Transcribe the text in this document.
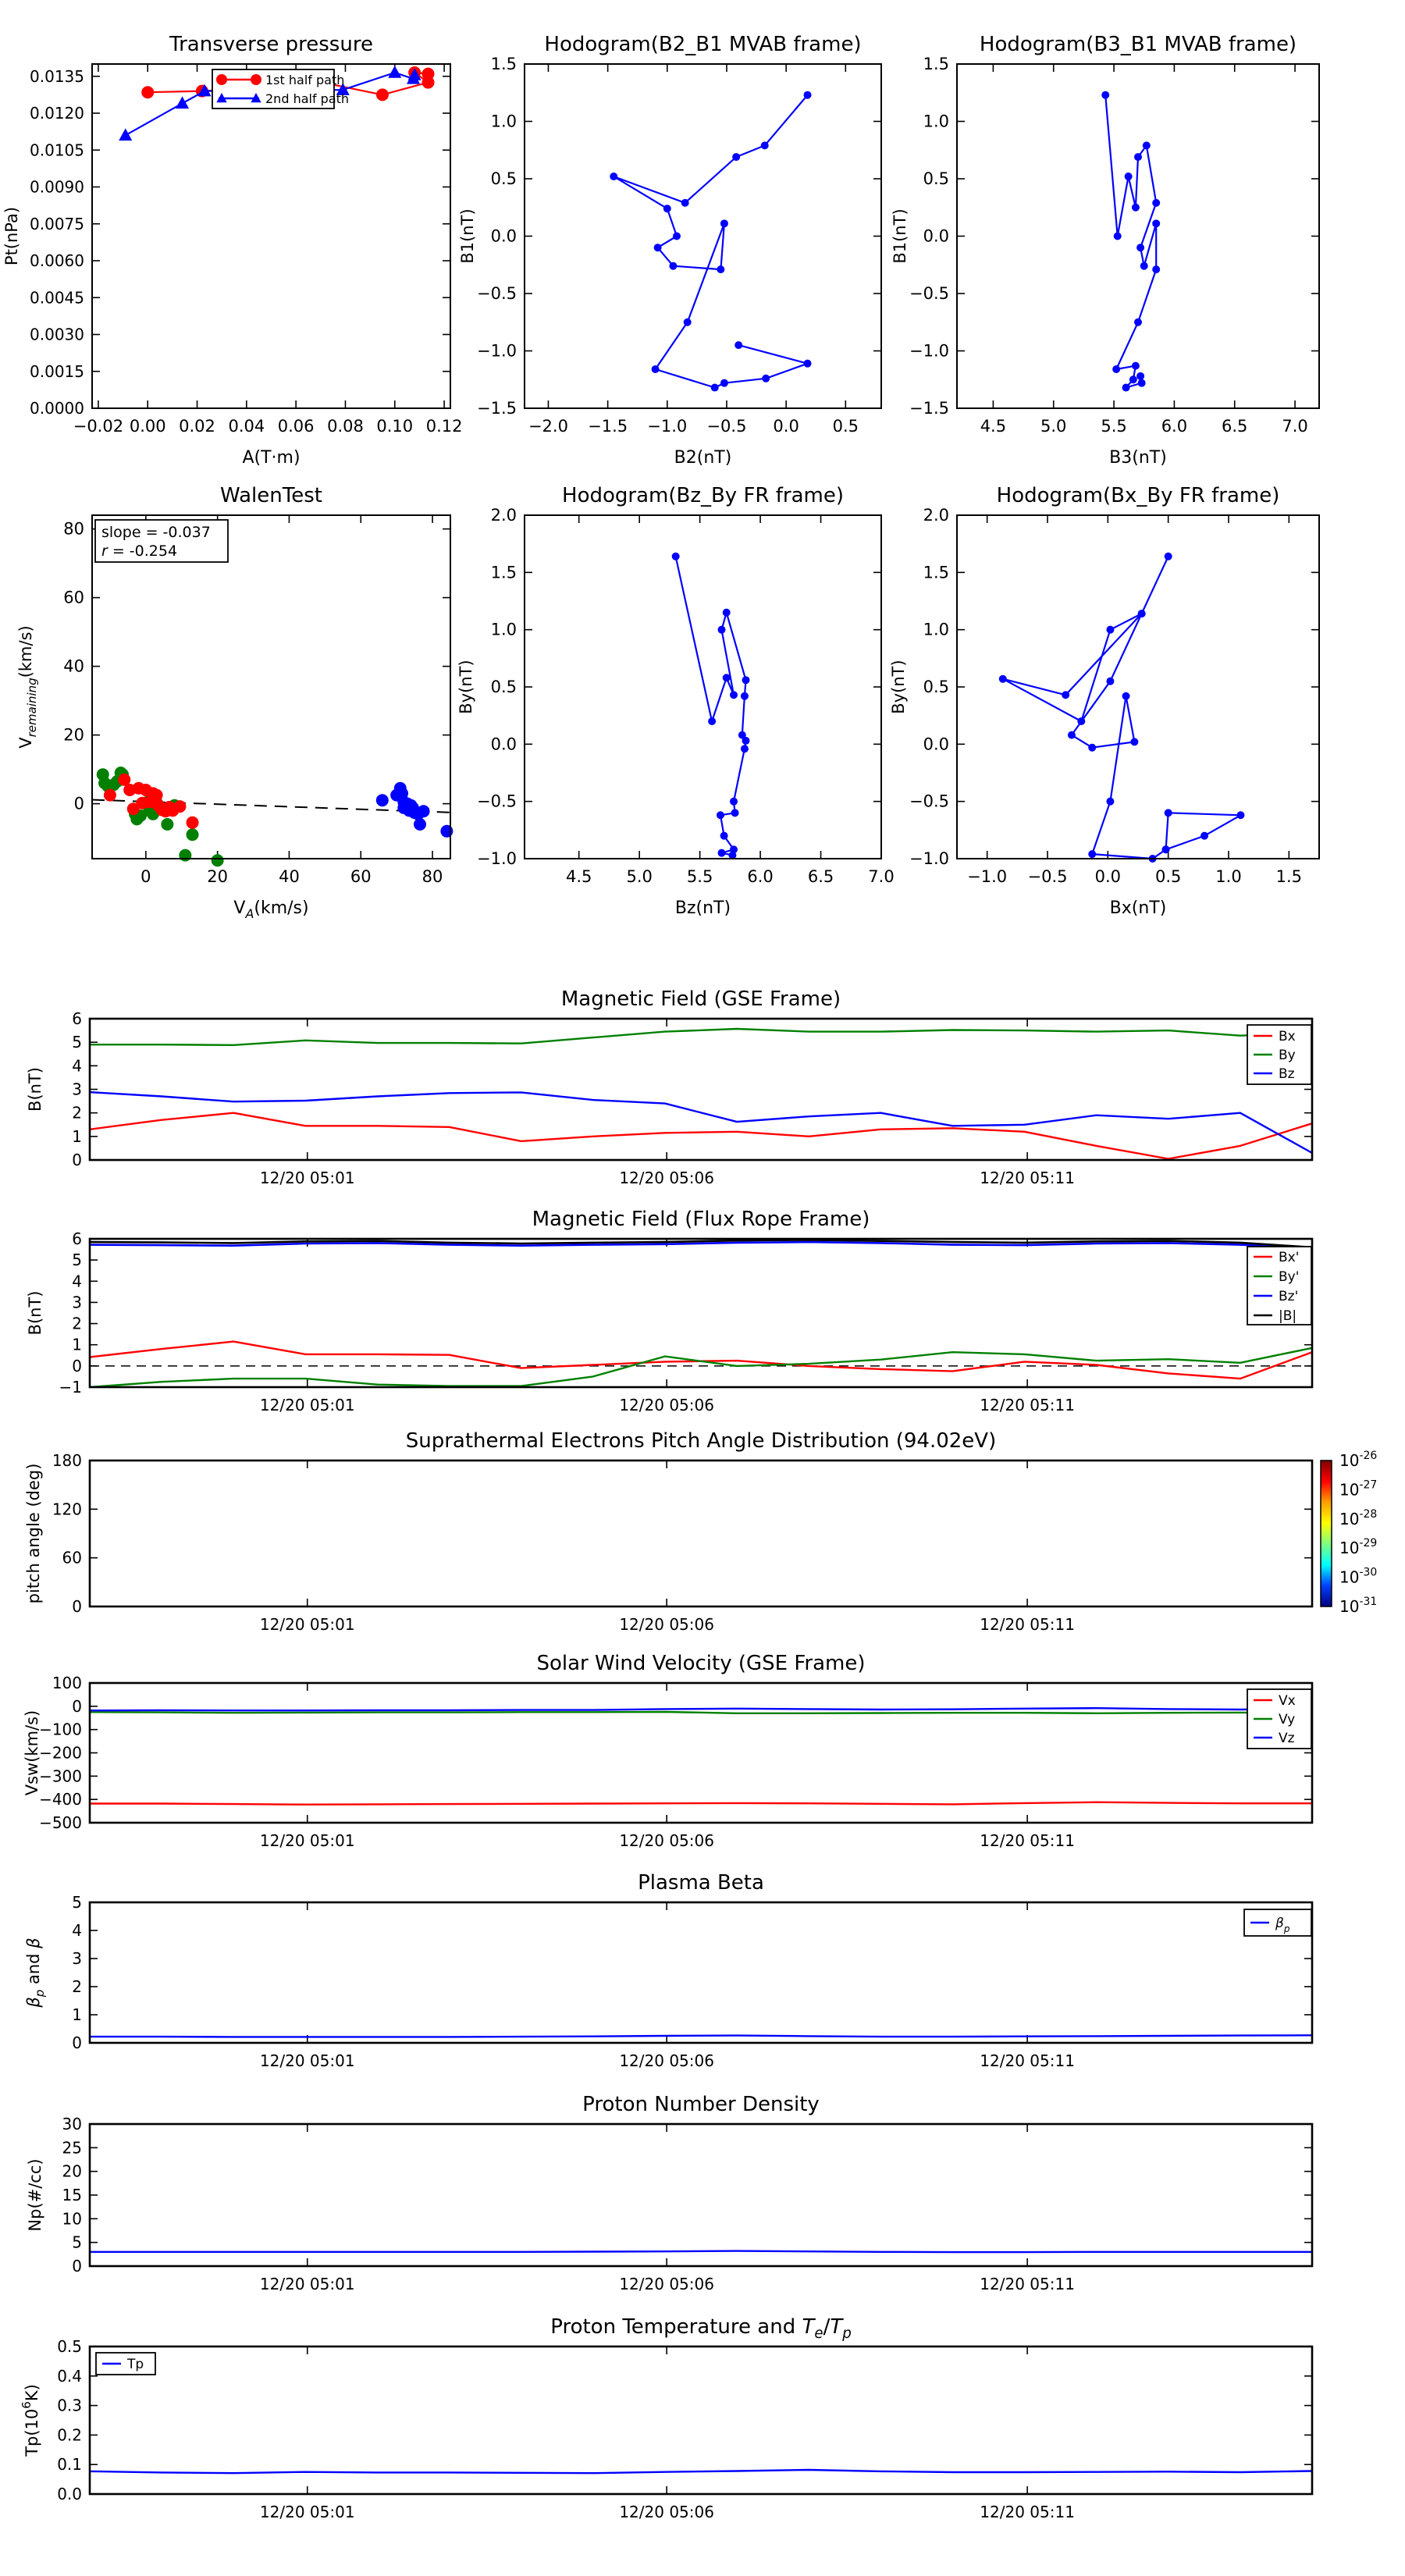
−0.02 0.00 0.02 0.04 0.06 0.08 0.10 0.12
0.0000
0.0015
0.0030
0.0045
0.0060
0.0075
0.0090
0.0105
0.0120
0.0135
A(T·m)
Pt(nPa)
1st half path
2nd half path
−2.0 −1.5 −1.0 −0.5 0.0 0.5
−1.5
−1.0
−0.5
0.0
0.5
1.0
1.5
B2(nT)
B1(nT)
4.5 5.0 5.5 6.0 6.5 7.0
−1.5
−1.0
−0.5
0.0
0.5
1.0
1.5
B3(nT)
B1(nT)
0	20	40	60	80
0
20
40
60
80
$V_A(km/s)$
$V_{remaining}(km/s)$
slope = -0.037
r = -0.254
4.5 5.0 5.5 6.0 6.5 7.0
−1.0
−0.5
0.0
0.5
1.0
1.5
2.0
Bz(nT)
By(nT)
−1.0 −0.5 0.0 0.5 1.0 1.5
−1.0
−0.5
0.0
0.5
1.0
1.5
2.0
Bx(nT)
By(nT)
12/20 05:01	12/20 05:06	12/20 05:11
0
1
2
3
4
5
6
B(nT)
Bx
By
Bz
12/20 05:01	12/20 05:06	12/20 05:11
−1
0
1
2
3
4
5
6
B(nT)
Bx'
By'
Bz'
|B|
12/20 05:01	12/20 05:06	12/20 05:11
0
60
120
180
pitch angle (deg)
$10^{-26}$
$10^{-27}$
$10^{-28}$
$10^{-29}$
$10^{-30}$
$10^{-31}$
12/20 05:01	12/20 05:06	12/20 05:11
−500
−400
−300
−200
−100
0
100
Vsw(km/s)
Vx
Vy
Vz
12/20 05:01	12/20 05:06	12/20 05:11
0
1
2
3
4
5
$\beta_p$ and β
$\beta_p$
12/20 05:01	12/20 05:06	12/20 05:11
0
5
10
15
20
25
30
Np(#/cc)
12/20 05:01	12/20 05:06	12/20 05:11
0.0
0.1
0.2
0.3
0.4
0.5
$Tp(10^6K)$
Tp
Transverse pressure	Hodogram(B2_B1 MVAB frame)	Hodogram(B3_B1 MVAB frame)
WalenTest	Hodogram(Bz_By FR frame)	Hodogram(Bx_By FR frame)
Magnetic Field (GSE Frame)
Magnetic Field (Flux Rope Frame)
Suprathermal Electrons Pitch Angle Distribution (94.02eV)
Solar Wind Velocity (GSE Frame)
Plasma Beta
Proton Number Density
Proton Temperature and $T_e/T_p$
